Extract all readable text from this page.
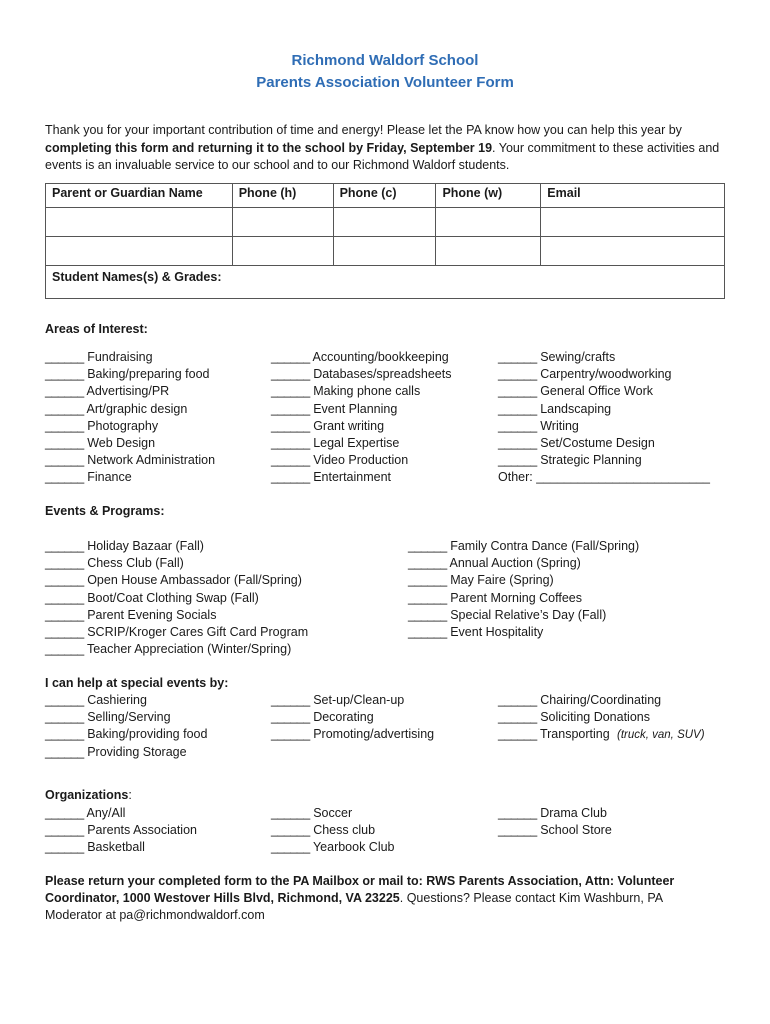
Richmond Waldorf School
Parents Association Volunteer Form
Thank you for your important contribution of time and energy! Please let the PA know how you can help this year by completing this form and returning it to the school by Friday, September 19. Your commitment to these activities and events is an invaluable service to our school and to our Richmond Waldorf students.
Parent or Guardian Name	Phone (h)	Phone (c)	Phone (w)	Email

Student Names(s) & Grades:				
Areas of Interest:
______ Fundraising
______ Baking/preparing food
______ Advertising/PR
______ Art/graphic design
______ Photography
______ Web Design
______ Network Administration
______ Finance
______ Accounting/bookkeeping
______ Databases/spreadsheets
______ Making phone calls
______ Event Planning
______ Grant writing
______ Legal Expertise
______ Video Production
______ Entertainment
______ Sewing/crafts
______ Carpentry/woodworking
______ General Office Work
______ Landscaping
______ Writing
______ Set/Costume Design
______ Strategic Planning
Other: _________________________
Events & Programs:
______ Holiday Bazaar (Fall)
______ Chess Club (Fall)
______ Open House Ambassador (Fall/Spring)
______ Boot/Coat Clothing Swap (Fall)
______ Parent Evening Socials
______ SCRIP/Kroger Cares Gift Card Program
______ Teacher Appreciation (Winter/Spring)
______ Family Contra Dance (Fall/Spring)
______ Annual Auction (Spring)
______ May Faire (Spring)
______ Parent Morning Coffees
______ Special Relative’s Day (Fall)
______ Event Hospitality
I can help at special events by:
______ Cashiering
______ Selling/Serving
______ Baking/providing food
______ Providing Storage
______ Set-up/Clean-up
______ Decorating
______ Promoting/advertising
______ Chairing/Coordinating
______ Soliciting Donations
______ Transporting (truck, van, SUV)
Organizations:
______ Any/All
______ Parents Association
______ Basketball
______ Soccer
______ Chess club
______ Yearbook Club
______ Drama Club
______ School Store
Please return your completed form to the PA Mailbox or mail to: RWS Parents Association, Attn: Volunteer Coordinator, 1000 Westover Hills Blvd, Richmond, VA 23225. Questions? Please contact Kim Washburn, PA Moderator at pa@richmondwaldorf.com
